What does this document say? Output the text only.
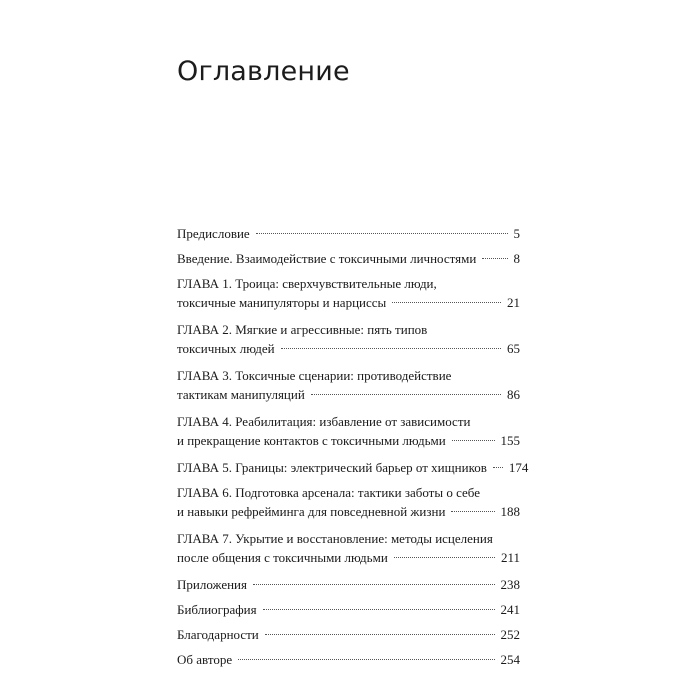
Оглавление
Предисловие	5
Введение. Взаимодействие с токсичными личностями	8
ГЛАВА 1. Троица: сверхчувствительные люди,
токсичные манипуляторы и нарциссы	21
ГЛАВА 2. Мягкие и агрессивные: пять типов
токсичных людей	65
ГЛАВА 3. Токсичные сценарии: противодействие
тактикам манипуляций	86
ГЛАВА 4. Реабилитация: избавление от зависимости
и прекращение контактов с токсичными людьми	155
ГЛАВА 5. Границы: электрический барьер от хищников 174
ГЛАВА 6. Подготовка арсенала: тактики заботы о себе
и навыки рефрейминга для повседневной жизни	188
ГЛАВА 7. Укрытие и восстановление: методы исцеления
после общения с токсичными людьми	211
Приложения	238
Библиография	241
Благодарности	252
Об авторе	254
